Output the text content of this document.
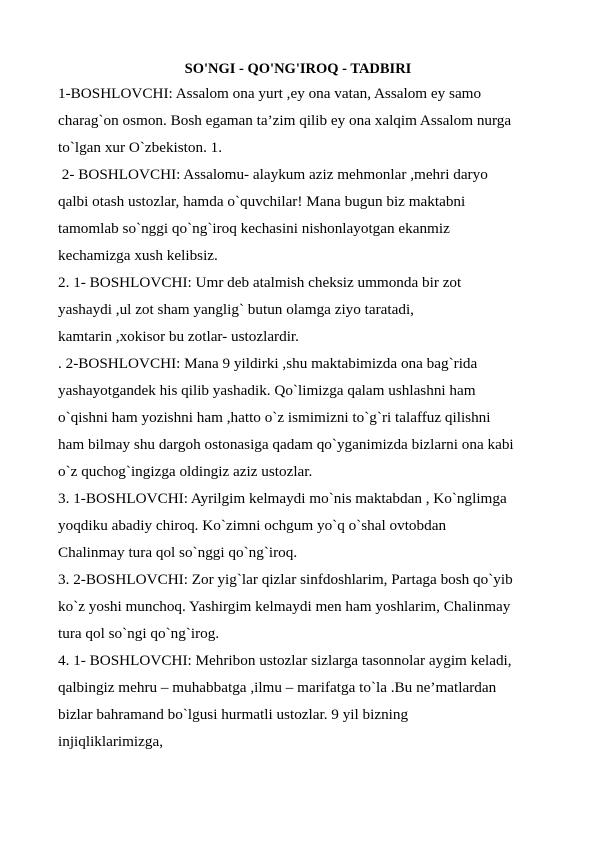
SO'NGI - QO'NG'IROQ - TADBIRI
1-BOSHLOVCHI: Assalom ona yurt ,ey ona vatan, Assalom ey samo
charag`on osmon. Bosh egaman ta’zim qilib ey ona xalqim Assalom nurga
to`lgan xur O`zbekiston. 1.
2- BOSHLOVCHI: Assalomu- alaykum aziz mehmonlar ,mehri daryo
qalbi otash ustozlar, hamda o`quvchilar! Mana bugun biz maktabni
tamomlab so`nggi qo`ng`iroq kechasini nishonlayotgan ekanmiz
kechamizga xush kelibsiz.
2. 1- BOSHLOVCHI: Umr deb atalmish cheksiz ummonda bir zot
yashaydi ,ul zot sham yanglig` butun olamga ziyo taratadi,
kamtarin ,xokisor bu zotlar- ustozlardir.
. 2-BOSHLOVCHI: Mana 9 yildirki ,shu maktabimizda ona bag`rida
yashayotgandek his qilib yashadik. Qo`limizga qalam ushlashni ham
o`qishni ham yozishni ham ,hatto o`z ismimizni to`g`ri talaffuz qilishni
ham bilmay shu dargoh ostonasiga qadam qo`yganimizda bizlarni ona kabi
o`z quchog`ingizga oldingiz aziz ustozlar.
3. 1-BOSHLOVCHI: Ayrilgim kelmaydi mo`nis maktabdan , Ko`nglimga
yoqdiku abadiy chiroq. Ko`zimni ochgum yo`q o`shal ovtobdan
Chalinmay tura qol so`nggi qo`ng`iroq.
3. 2-BOSHLOVCHI: Zor yig`lar qizlar sinfdoshlarim, Partaga bosh qo`yib
ko`z yoshi munchoq. Yashirgim kelmaydi men ham yoshlarim, Chalinmay
tura qol so`ngi qo`ng`irog.
4. 1- BOSHLOVCHI: Mehribon ustozlar sizlarga tasonnolar aygim keladi,
qalbingiz mehru – muhabbatga ,ilmu – marifatga to`la .Bu ne’matlardan
bizlar bahramand bo`lgusi hurmatli ustozlar. 9 yil bizning
injiqliklarimizga,
